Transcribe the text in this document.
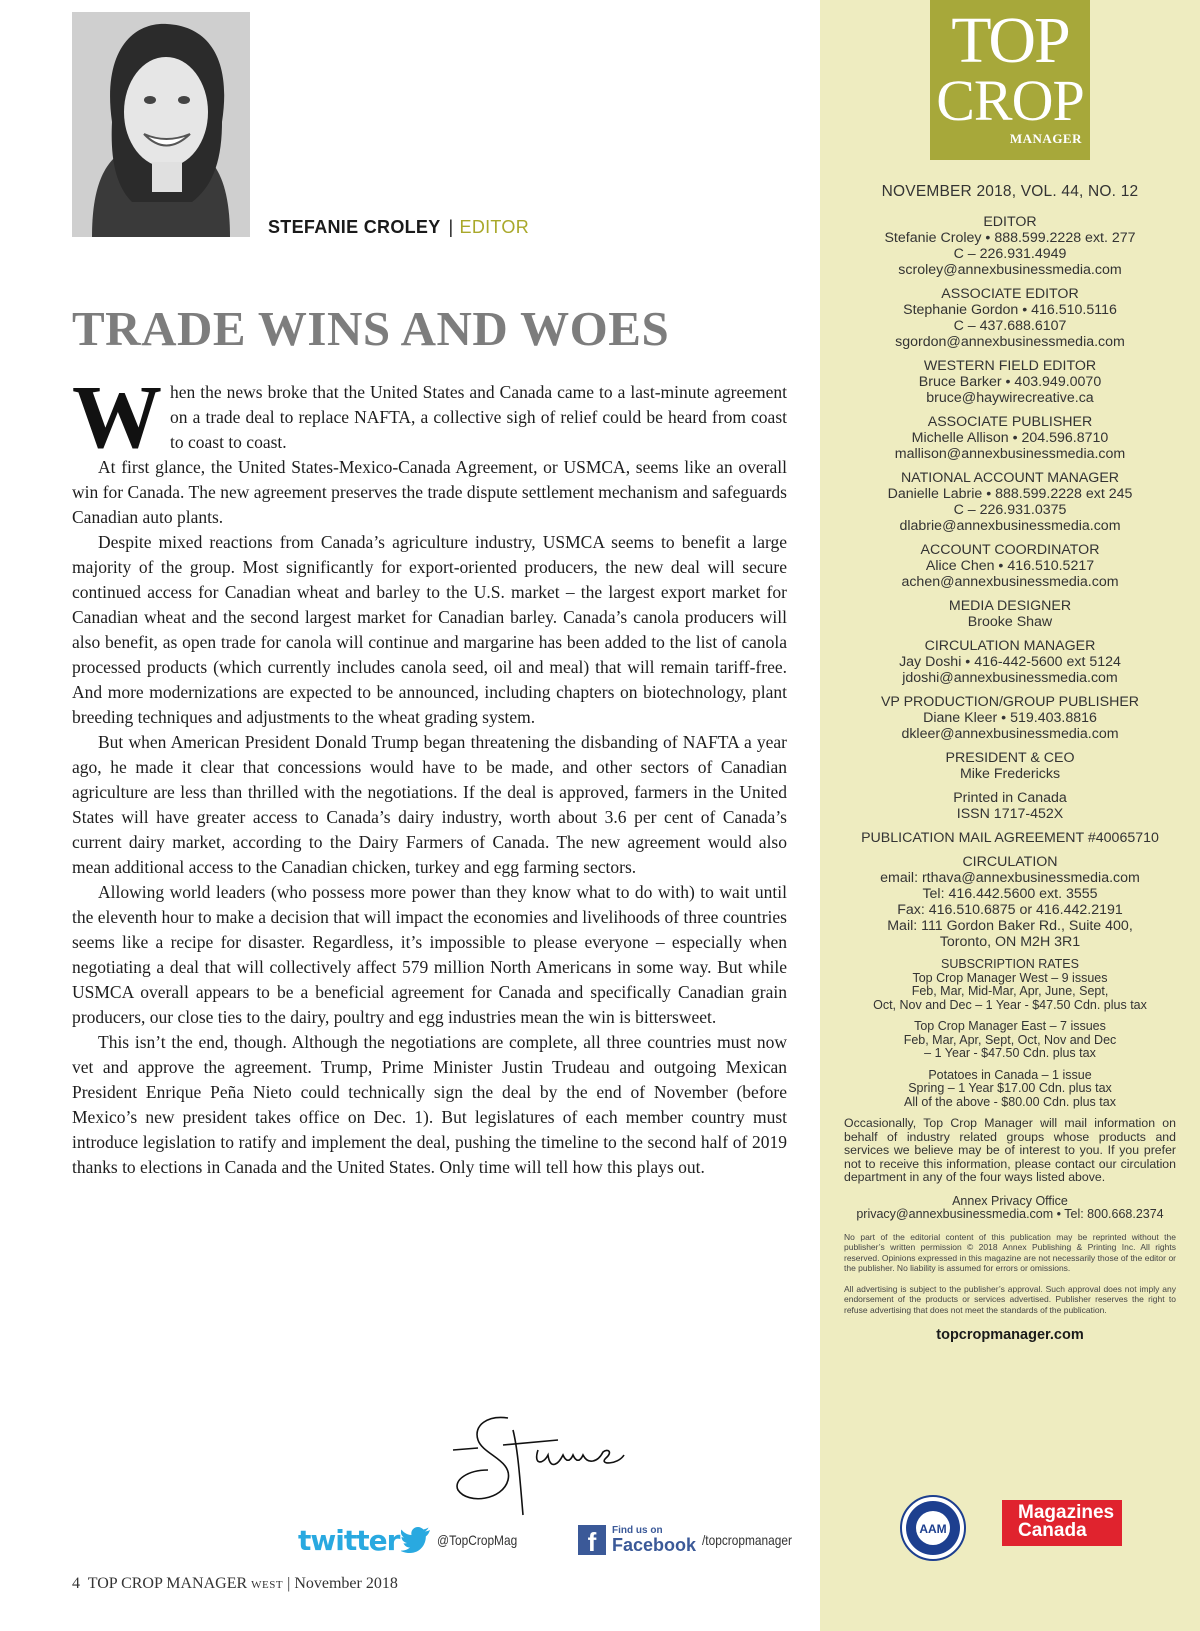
STEFANIE CROLEY | EDITOR
TRADE WINS AND WOES

When the news broke that the United States and Canada came to a last-minute agreement on a trade deal to replace NAFTA, a collective sigh of relief could be heard from coast to coast to coast.

At first glance, the United States-Mexico-Canada Agreement, or USMCA, seems like an overall win for Canada. The new agreement preserves the trade dispute settlement mechanism and safeguards Canadian auto plants.

Despite mixed reactions from Canada’s agriculture industry, USMCA seems to benefit a large majority of the group. Most significantly for export-oriented producers, the new deal will secure continued access for Canadian wheat and barley to the U.S. market – the largest export market for Canadian wheat and the second largest market for Canadian barley. Canada’s canola producers will also benefit, as open trade for canola will continue and margarine has been added to the list of canola processed products (which currently includes canola seed, oil and meal) that will remain tariff-free. And more modernizations are expected to be announced, including chapters on biotechnology, plant breeding techniques and adjustments to the wheat grading system.

But when American President Donald Trump began threatening the disbanding of NAFTA a year ago, he made it clear that concessions would have to be made, and other sectors of Canadian agriculture are less than thrilled with the negotiations. If the deal is approved, farmers in the United States will have greater access to Canada’s dairy industry, worth about 3.6 per cent of Canada’s current dairy market, according to the Dairy Farmers of Canada. The new agreement would also mean additional access to the Canadian chicken, turkey and egg farming sectors.

Allowing world leaders (who possess more power than they know what to do with) to wait until the eleventh hour to make a decision that will impact the economies and livelihoods of three countries seems like a recipe for disaster. Regardless, it’s impossible to please everyone – especially when negotiating a deal that will collectively affect 579 million North Americans in some way. But while USMCA overall appears to be a beneficial agreement for Canada and specifically Canadian grain producers, our close ties to the dairy, poultry and egg industries mean the win is bittersweet.

This isn’t the end, though. Although the negotiations are complete, all three countries must now vet and approve the agreement. Trump, Prime Minister Justin Trudeau and outgoing Mexican President Enrique Peña Nieto could technically sign the deal by the end of November (before Mexico’s new president takes office on Dec. 1). But legislatures of each member country must introduce legislation to ratify and implement the deal, pushing the timeline to the second half of 2019 thanks to elections in Canada and the United States. Only time will tell how this plays out.

twitter	@TopCropMag	f	Find us on
Facebook /topcropmanager
4 TOP CROP MANAGER WEST | November 2018
TOP
CROP
MANAGER
NOVEMBER 2018, VOL. 44, NO. 12
EDITOR
Stefanie Croley • 888.599.2228 ext. 277
C – 226.931.4949
scroley@annexbusinessmedia.com
ASSOCIATE EDITOR
Stephanie Gordon • 416.510.5116
C – 437.688.6107
sgordon@annexbusinessmedia.com
WESTERN FIELD EDITOR
Bruce Barker • 403.949.0070
bruce@haywirecreative.ca
ASSOCIATE PUBLISHER
Michelle Allison • 204.596.8710
mallison@annexbusinessmedia.com
NATIONAL ACCOUNT MANAGER
Danielle Labrie • 888.599.2228 ext 245
C – 226.931.0375
dlabrie@annexbusinessmedia.com
ACCOUNT COORDINATOR
Alice Chen • 416.510.5217
achen@annexbusinessmedia.com
MEDIA DESIGNER
Brooke Shaw
CIRCULATION MANAGER
Jay Doshi • 416-442-5600 ext 5124
jdoshi@annexbusinessmedia.com
VP PRODUCTION/GROUP PUBLISHER
Diane Kleer • 519.403.8816
dkleer@annexbusinessmedia.com
PRESIDENT & CEO
Mike Fredericks
Printed in Canada
ISSN 1717-452X
PUBLICATION MAIL AGREEMENT #40065710
CIRCULATION
email: rthava@annexbusinessmedia.com
Tel: 416.442.5600 ext. 3555
Fax: 416.510.6875 or 416.442.2191
Mail: 111 Gordon Baker Rd., Suite 400,
Toronto, ON M2H 3R1
SUBSCRIPTION RATES
Top Crop Manager West – 9 issues
Feb, Mar, Mid-Mar, Apr, June, Sept,
Oct, Nov and Dec – 1 Year - $47.50 Cdn. plus tax
Top Crop Manager East – 7 issues
Feb, Mar, Apr, Sept, Oct, Nov and Dec
– 1 Year - $47.50 Cdn. plus tax
Potatoes in Canada – 1 issue
Spring – 1 Year $17.00 Cdn. plus tax
All of the above - $80.00 Cdn. plus tax

Occasionally, Top Crop Manager will mail information on behalf of industry related groups whose products and services we believe may be of interest to you. If you prefer not to receive this information, please contact our circulation department in any of the four ways listed above.

Annex Privacy Office
privacy@annexbusinessmedia.com • Tel: 800.668.2374

No part of the editorial content of this publication may be reprinted without the publisher’s written permission © 2018 Annex Publishing & Printing Inc. All rights reserved. Opinions expressed in this magazine are not necessarily those of the editor or the publisher. No liability is assumed for errors or omissions.

All advertising is subject to the publisher’s approval. Such approval does not imply any endorsement of the products or services advertised. Publisher reserves the right to refuse advertising that does not meet the standards of the publication.

topcropmanager.com
AAM
Magazines
Canada
